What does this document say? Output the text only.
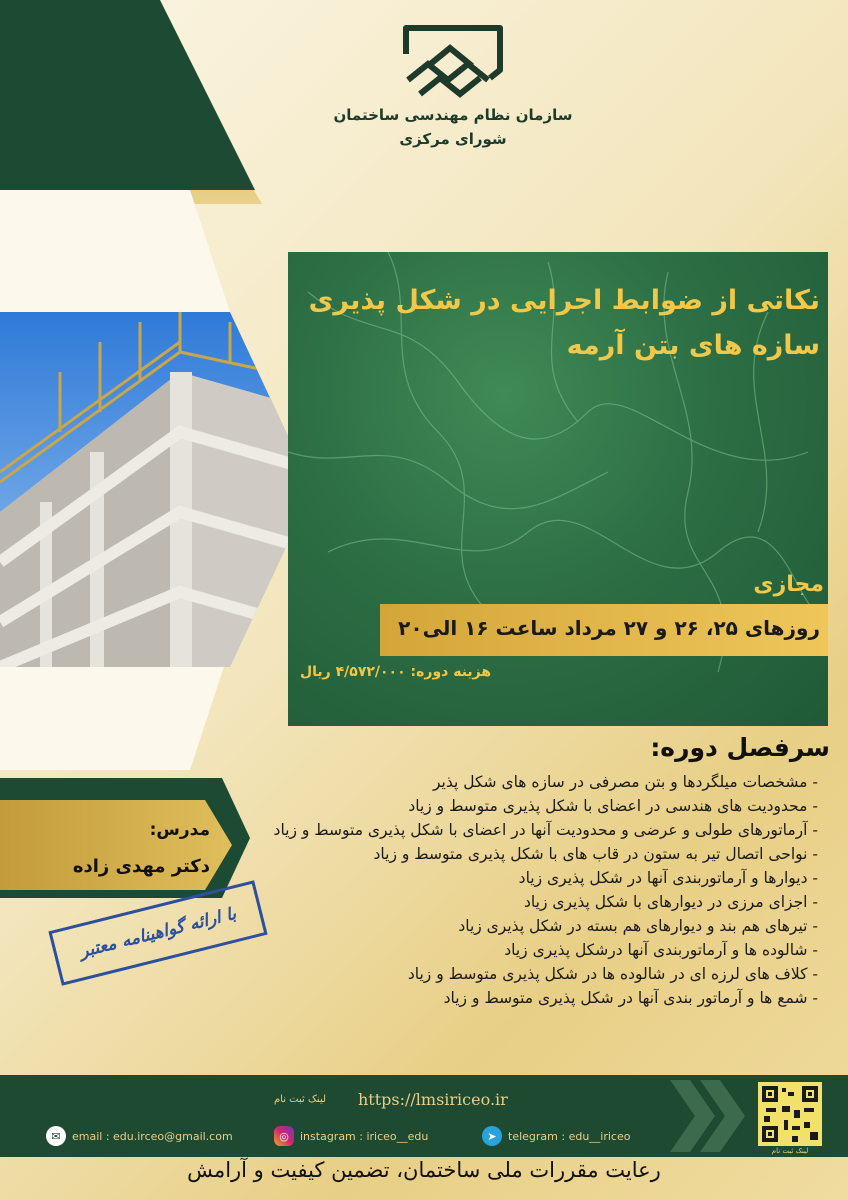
سازمان نظام مهندسی ساختمان
شورای مرکزی
نکاتی از ضوابط اجرایی در شکل پذیری
سازه های بتن آرمه
مجازی
روزهای ۲۵، ۲۶ و ۲۷ مرداد ساعت ۱۶ الی۲۰
هزینه دوره: ۴/۵۷۲/۰۰۰ ریال
سرفصل دوره:
- مشخصات میلگردها و بتن مصرفی در سازه های شکل پذیر
- محدودیت های هندسی در اعضای با شکل پذیری متوسط و زیاد
- آرماتورهای طولی و عرضی و محدودیت آنها در اعضای با شکل پذیری متوسط و زیاد
- نواحی اتصال تیر به ستون در قاب های با شکل پذیری متوسط و زیاد
- دیوارها و آرماتوربندی آنها در شکل پذیری زیاد
- اجزای مرزی در دیوارهای با شکل پذیری زیاد
- تیرهای هم بند و دیوارهای هم بسته در شکل پذیری زیاد
- شالوده ها و آرماتوربندی آنها درشکل پذیری زیاد
- کلاف های لرزه ای در شالوده ها در شکل پذیری متوسط و زیاد
- شمع ها و آرماتور بندی آنها در شکل پذیری متوسط و زیاد
مدرس:
دکتر مهدی زاده
با ارائه گواهینامه معتبر
لینک ثبت نام	https://lmsiriceo.ir
لینک ثبت نام
✉	email : edu.irceo@gmail.com	◎	instagram : iriceo__edu	➤	telegram : edu__iriceo
رعایت مقررات ملی ساختمان، تضمین کیفیت و آرامش
